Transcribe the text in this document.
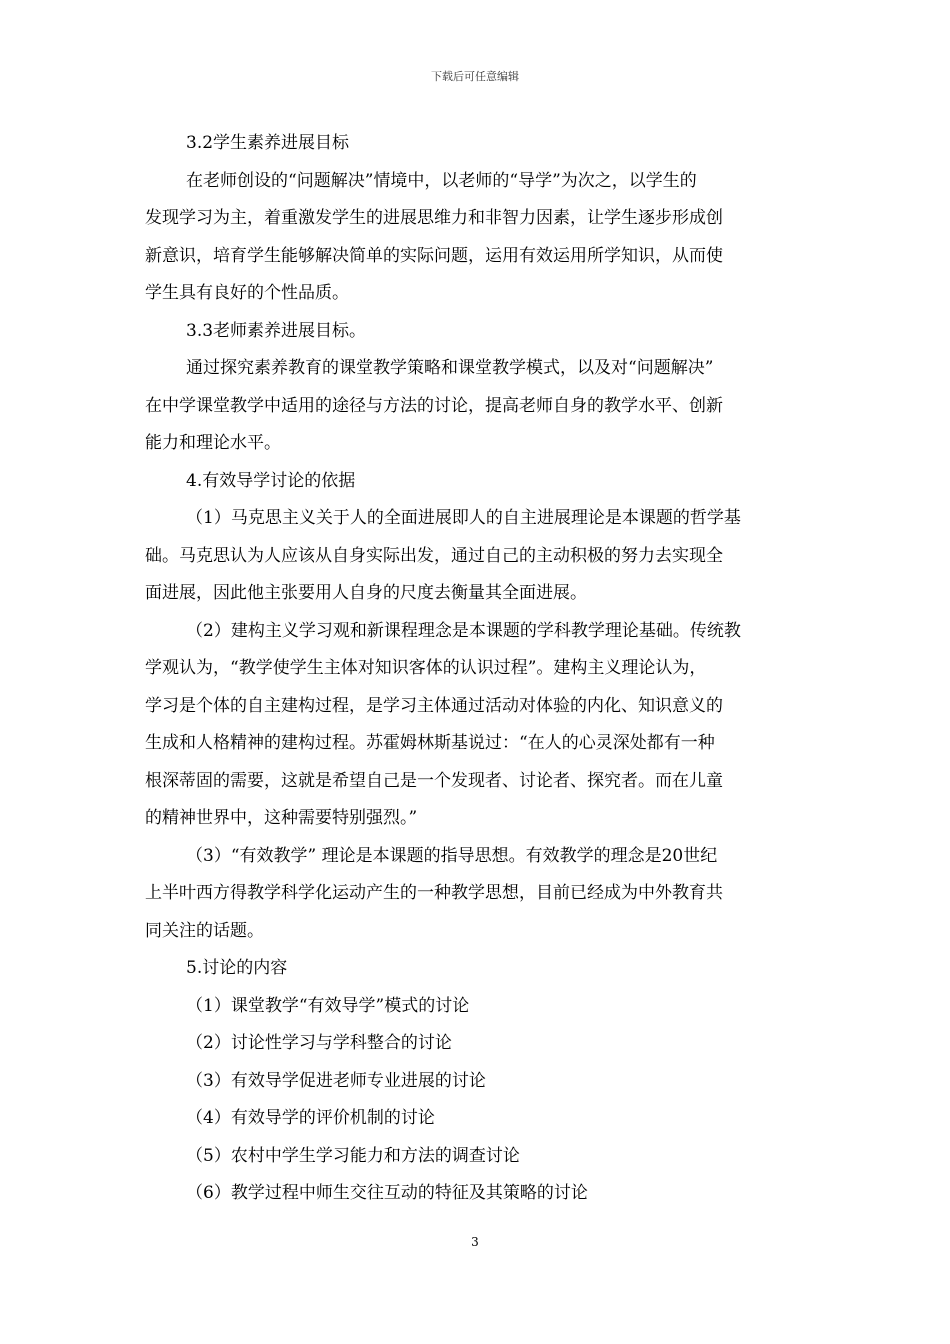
下载后可任意编辑

3.2学生素养进展目标

在老师创设的“问题解决”情境中，以老师的“导学”为次之，以学生的

发现学习为主，着重激发学生的进展思维力和非智力因素，让学生逐步形成创

新意识，培育学生能够解决简单的实际问题，运用有效运用所学知识，从而使

学生具有良好的个性品质。

3.3老师素养进展目标。

通过探究素养教育的课堂教学策略和课堂教学模式，以及对“问题解决”

在中学课堂教学中适用的途径与方法的讨论，提高老师自身的教学水平、创新

能力和理论水平。

4.有效导学讨论的依据

（1）马克思主义关于人的全面进展即人的自主进展理论是本课题的哲学基

础。马克思认为人应该从自身实际出发，通过自己的主动积极的努力去实现全

面进展，因此他主张要用人自身的尺度去衡量其全面进展。

（2）建构主义学习观和新课程理念是本课题的学科教学理论基础。传统教

学观认为，“教学使学生主体对知识客体的认识过程”。建构主义理论认为，

学习是个体的自主建构过程，是学习主体通过活动对体验的内化、知识意义的

生成和人格精神的建构过程。苏霍姆林斯基说过：“在人的心灵深处都有一种

根深蒂固的需要，这就是希望自己是一个发现者、讨论者、探究者。而在儿童

的精神世界中，这种需要特别强烈。”

（3）“有效教学” 理论是本课题的指导思想。有效教学的理念是20世纪

上半叶西方得教学科学化运动产生的一种教学思想，目前已经成为中外教育共

同关注的话题。

5.讨论的内容

（1）课堂教学“有效导学”模式的讨论

（2）讨论性学习与学科整合的讨论

（3）有效导学促进老师专业进展的讨论

（4）有效导学的评价机制的讨论

（5）农村中学生学习能力和方法的调查讨论

（6）教学过程中师生交往互动的特征及其策略的讨论

3
